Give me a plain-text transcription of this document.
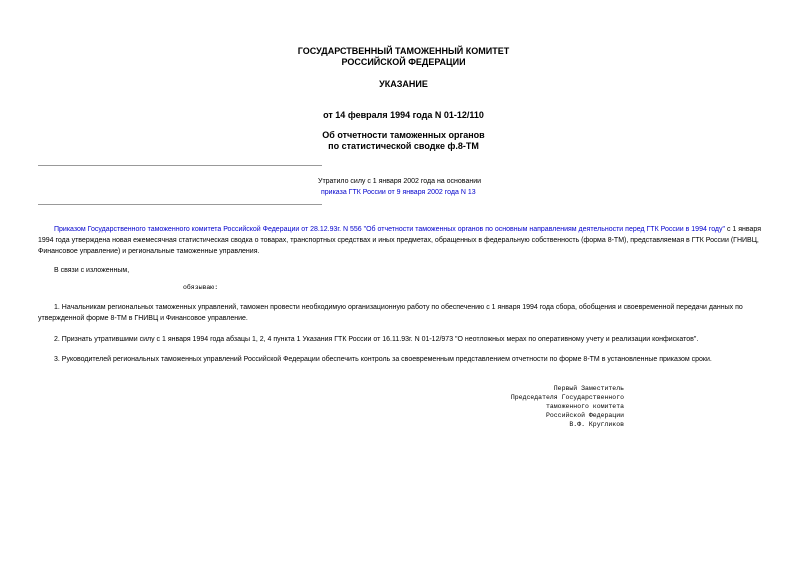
ГОСУДАРСТВЕННЫЙ ТАМОЖЕННЫЙ КОМИТЕТ
РОССИЙСКОЙ ФЕДЕРАЦИИ
УКАЗАНИЕ
от 14 февраля 1994 года N 01-12/110
Об отчетности таможенных органов
по статистической сводке ф.8-ТМ
Утратило силу с 1 января 2002 года на основании
приказа ГТК России от 9 января 2002 года N 13
Приказом Государственного таможенного комитета Российской Федерации от 28.12.93г. N 556 "Об отчетности таможенных органов по основным направлениям деятельности перед ГТК России в 1994 году" с 1 января 1994 года утверждена новая ежемесячная статистическая сводка о товарах, транспортных средствах и иных предметах, обращенных в федеральную собственность (форма 8-ТМ), представляемая в ГТК России (ГНИВЦ, Финансовое управление) и региональные таможенные управления.
В связи с изложенным,
обязываю:
1. Начальникам региональных таможенных управлений, таможен провести необходимую организационную работу по обеспечению с 1 января 1994 года сбора, обобщения и своевременной передачи данных по утвержденной форме 8-ТМ в ГНИВЦ и Финансовое управление.
2. Признать утратившими силу с 1 января 1994 года абзацы 1, 2, 4 пункта 1 Указания ГТК России от 16.11.93г. N 01-12/973 "О неотложных мерах по оперативному учету и реализации конфискатов".
3. Руководителей региональных таможенных управлений Российской Федерации обеспечить контроль за своевременным представлением отчетности по форме 8-ТМ в установленные приказом сроки.
Первый Заместитель
Председателя Государственного
таможенного комитета
Российской Федерации
В.Ф. Кругликов
